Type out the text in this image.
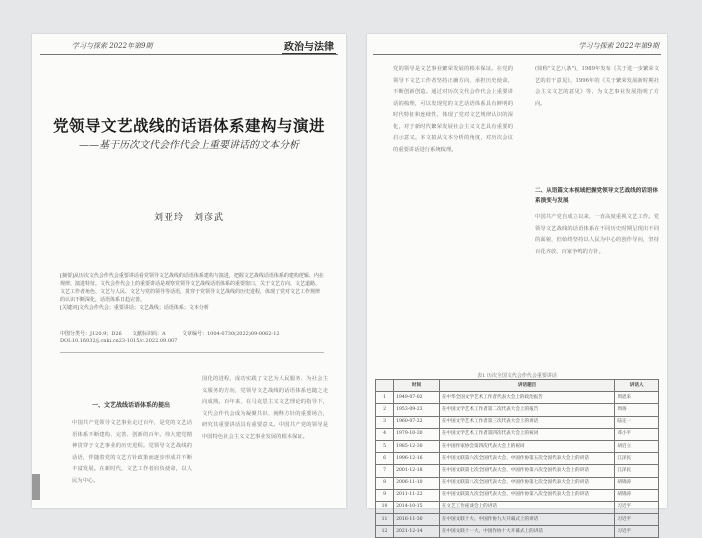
学习与探索 2022年第9期	政治与法律
党领导文艺战线的话语体系建构与演进
——基于历次文代会作代会上重要讲话的文本分析
刘亚玲　刘彦武
[摘要]从历次文代会作代会重要讲话看党领导文艺战线的话语体系建构与演进，把握文艺战线话语体系的建构逻辑、内在规律、演进特征。文代会作代会上的重要讲话是观察党领导文艺战线话语体系的重要窗口，关于文艺方向、文艺道路、文艺工作者角色、文艺与人民、文艺与党的领导等话语，贯穿于党领导文艺战线的历史进程，体现了党对文艺工作规律的认识不断深化，话语体系日趋完善。
[关键词]文代会作代会；重要讲话；文艺战线；话语体系；文本分析
中图分类号：J120.9；D26 文献标识码：A	文章编号：1004-0730(2022)09-0062-12
DOI:10.16032/j.cnki.cn23-1015/c.2022.09.007
一、文艺战线话语体系的提出
中国共产党领导文艺事业走过百年，是党的文艺话语体系不断建构、完善、创新的百年。伟大建党精神贯穿于文艺事业的历史进程。党领导文艺战线的话语，伴随着党的文艺方针政策而逐步形成并不断丰富发展。在新时代，文艺工作者肩负使命，以人民为中心。
国化的进程，成功实践了文艺为人民服务、为社会主义服务的方向，党领导文艺战线的话语体系也随之走向成熟。百年来，在马克思主义文艺理论的指导下，文代会作代会成为凝聚共识、阐释方针的重要场合，研究其重要讲话具有重要意义。中国共产党的领导是中国特色社会主义文艺事业发展的根本保证。
学习与探索 2022年第9期
党的领导是文艺事业繁荣发展的根本保证。在党的领导下文艺工作者坚持正确方向，承担历史使命，不断创新创造。通过对历次文代会作代会上重要讲话的梳理，可以发现党的文艺话语体系具有鲜明的时代特征和连续性，体现了党对文艺规律认识的深化，对于新时代繁荣发展社会主义文艺具有重要的启示意义。本文拟从文本分析的角度，对历次会议的重要讲话进行系统梳理。
(简称"文艺八条")，1989年发布《关于进一步繁荣文艺的若干意见》，1996年的《关于繁荣发展新时期社会主义文艺的意见》等，为文艺事业发展指明了方向。
二、从语篇文本视域把握党领导文艺战线的话语体系演变与发展
中国共产党自成立以来，一直高度重视文艺工作。党领导文艺战线的话语体系在不同历史时期呈现出不同的面貌，但始终坚持以人民为中心的创作导向，坚持百花齐放、百家争鸣的方针。
表1 历次全国文代会作代会重要讲话
	时间	讲话题目	讲话人
1	1949-07-02	在中华全国文学艺术工作者代表大会上的政治报告	周恩来
2	1953-09-23	在中国文学艺术工作者第二次代表大会上的报告	周扬
3	1960-07-22	在中国文学艺术工作者第三次代表大会上的讲话	陆定一
4	1979-10-30	在中国文学艺术工作者第四次代表大会上的祝词	邓小平
5	1985-12-30	在中国作家协会第四次代表大会上的祝词	胡启立
6	1996-12-16	在中国文联第六次全国代表大会、中国作协第五次全国代表大会上的讲话	江泽民
7	2001-12-18	在中国文联第七次全国代表大会、中国作协第六次全国代表大会上的讲话	江泽民
8	2006-11-10	在中国文联第八次全国代表大会、中国作协第七次全国代表大会上的讲话	胡锦涛
9	2011-11-22	在中国文联第九次全国代表大会、中国作协第八次全国代表大会上的讲话	胡锦涛
10	2014-10-15	在文艺工作座谈会上的讲话	习近平
11	2016-11-30	在中国文联十大、中国作协九大开幕式上的讲话	习近平
12	2021-12-14	在中国文联十一大、中国作协十大开幕式上的讲话	习近平
